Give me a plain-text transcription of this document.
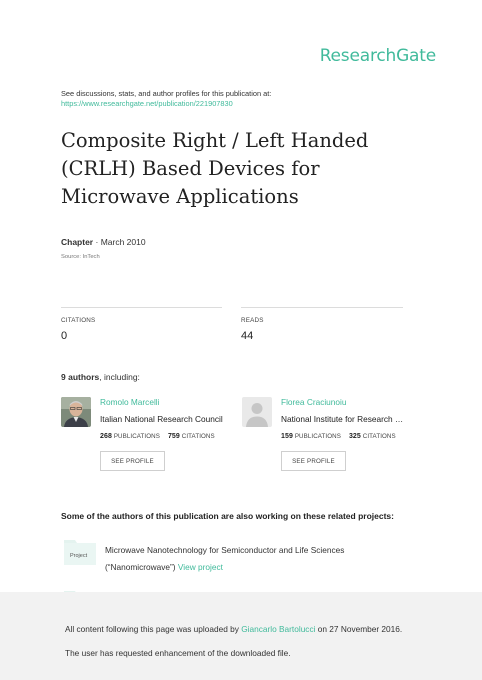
ResearchGate
See discussions, stats, and author profiles for this publication at:
https://www.researchgate.net/publication/221907830
Composite Right / Left Handed (CRLH) Based Devices for Microwave Applications
Chapter · March 2010
Source: InTech
CITATIONS
0
READS
44
9 authors, including:
Romolo Marcelli
Italian National Research Council
268 PUBLICATIONS 759 CITATIONS
SEE PROFILE
Florea Craciunoiu
National Institute for Research …
159 PUBLICATIONS 325 CITATIONS
SEE PROFILE
Some of the authors of this publication are also working on these related projects:
Project
Microwave Nanotechnology for Semiconductor and Life Sciences
(“Nanomicrowave”) View project
All content following this page was uploaded by Giancarlo Bartolucci on 27 November 2016.
The user has requested enhancement of the downloaded file.
